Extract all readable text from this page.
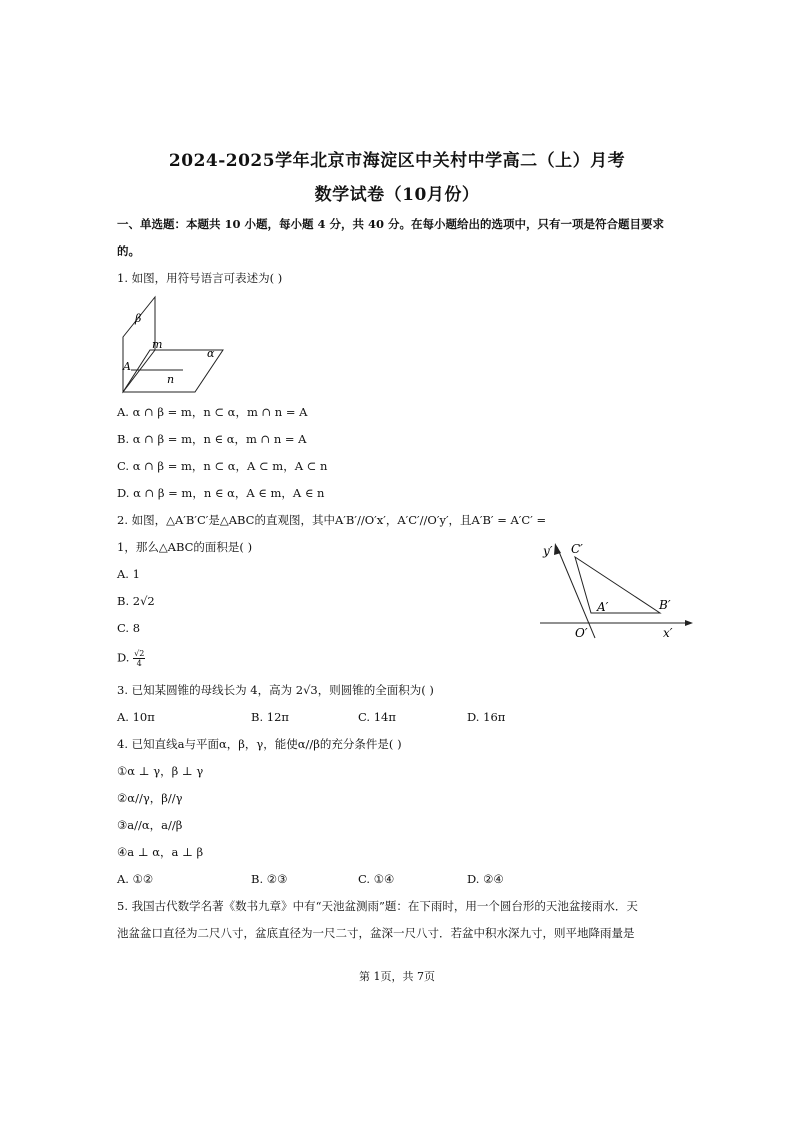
2024-2025学年北京市海淀区中关村中学高二（上）月考
数学试卷（10月份）
一、单选题：本题共 10 小题，每小题 4 分，共 40 分。在每小题给出的选项中，只有一项是符合题目要求
的。
1. 如图，用符号语言可表述为( )
β
m
α
A
n
A. α ∩ β = m，n ⊂ α，m ∩ n = A
B. α ∩ β = m，n ∈ α，m ∩ n = A
C. α ∩ β = m，n ⊂ α，A ⊂ m，A ⊂ n
D. α ∩ β = m，n ∈ α，A ∈ m，A ∈ n
2. 如图，△A′B′C′是△ABC的直观图，其中A′B′//O′x′，A′C′//O′y′，且A′B′ = A′C′ =
1，那么△ABC的面积是( )	y′ C′
A′	B′
O′	x′
A. 1
B. 2√2
C. 8
D. $\frac{√2}{4}$
3. 已知某圆锥的母线长为 4，高为 2√3，则圆锥的全面积为( )
A. 10π	B. 12π	C. 14π	D. 16π
4. 已知直线a与平面α，β，γ，能使α//β的充分条件是( )
①α ⊥ γ，β ⊥ γ
②α//γ，β//γ
③a//α，a//β
④a ⊥ α，a ⊥ β
A. ①②	B. ②③	C. ①④	D. ②④
5. 我国古代数学名著《数书九章》中有“天池盆测雨”题：在下雨时，用一个圆台形的天池盆接雨水．天
池盆盆口直径为二尺八寸，盆底直径为一尺二寸，盆深一尺八寸．若盆中积水深九寸，则平地降雨量是
第 1页，共 7页
